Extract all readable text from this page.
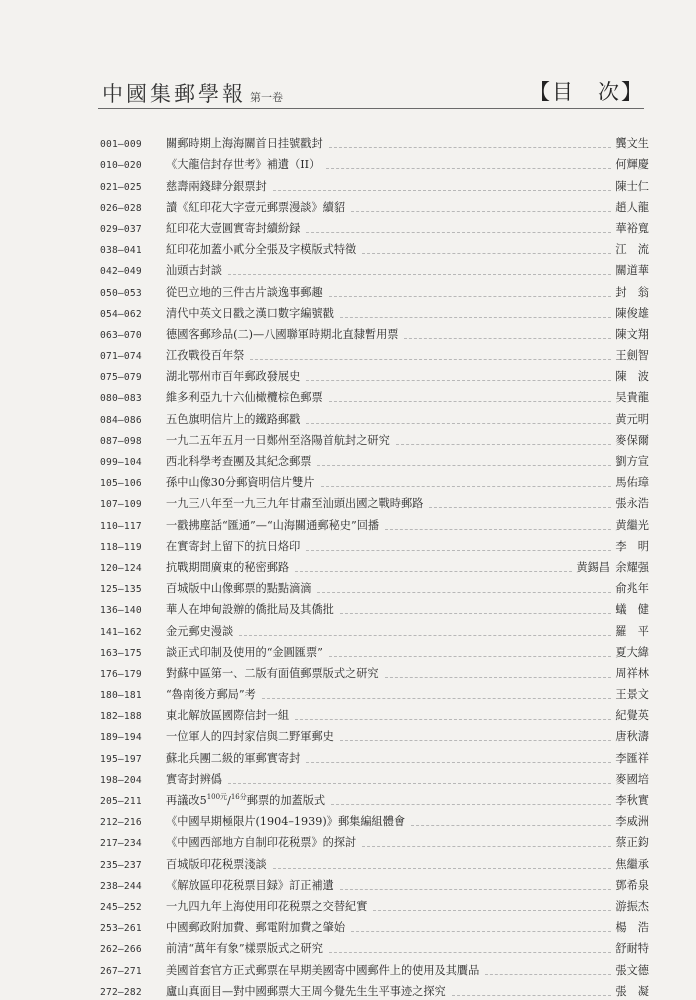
中國集郵學報 第一卷	【目　次】
001–009	關郵時期上海海關首日挂號戳封	龔文生
010–020	《大龍信封存世考》補遺（II）	何輝慶
021–025	慈壽兩錢肆分銀票封	陳士仁
026–028	讀《紅印花大字壹元郵票漫談》續貂	趙人龍
029–037	紅印花大壹圓實寄封續紛録	華裕寬
038–041	紅印花加蓋小貳分全張及字模版式特徵	江　流
042–049	汕頭古封談	關道華
050–053	從巴立地的三件古片談逸事郵趣	封　翁
054–062	清代中英文日戳之漢口數字編號戳	陳俊雄
063–070	德國客郵珍品(二)—八國聯軍時期北直隸暫用票	陳文翔
071–074	江孜戰役百年祭	王劍智
075–079	湖北鄂州市百年郵政發展史	陳　波
080–083	維多利亞九十六仙橄欖棕色郵票	吴貴龍
084–086	五色旗明信片上的鐵路郵戳	黄元明
087–098	一九二五年五月一日鄭州至洛陽首航封之研究	麥保爾
099–104	西北科學考查團及其紀念郵票	劉方宣
105–106	孫中山像30分郵資明信片雙片	馬佑璋
107–109	一九三八年至一九三九年甘肅至汕頭出國之戰時郵路	張永浩
110–117	一戳拂塵話“匯通”—“山海關通郵秘史”回播	黄繼光
118–119	在實寄封上留下的抗日烙印	李　明
120–124	抗戰期間廣東的秘密郵路	黄錫昌 余耀强
125–135	百城版中山像郵票的點點滴滴	俞兆年
136–140	華人在坤甸設辦的僑批局及其僑批	蟻　健
141–162	金元郵史漫談	羅　平
163–175	談正式印制及使用的“金圓匯票”	夏大緯
176–179	對蘇中區第一、二版有面值郵票版式之研究	周祥林
180–181	“魯南後方郵局”考	王景文
182–188	東北解放區國際信封一組	紀覺英
189–194	一位軍人的四封家信與二野軍郵史	唐秋濤
195–197	蘇北兵團二級的軍郵實寄封	李匯祥
198–204	實寄封辨僞	麥國培
205–211	再議改$5^{100元}/^{16分}$郵票的加蓋版式	李秋實
212–216	《中國早期極限片(1904–1939)》郵集編組體會	李威洲
217–234	《中國西部地方自制印花税票》的探討	蔡正鈞
235–237	百城版印花税票淺談	焦繼承
238–244	《解放區印花税票目録》訂正補遺	鄧希泉
245–252	一九四九年上海使用印花税票之交替紀實	游振杰
253–261	中國郵政附加費、郵電附加費之肇始	楊　浩
262–266	前清“萬年有象”樣票版式之研究	舒耐特
267–271	美國首套官方正式郵票在早期美國寄中國郵件上的使用及其贋品	張文德
272–282	廬山真面目—對中國郵票大王周今覺先生生平事迹之探究	張　凝
